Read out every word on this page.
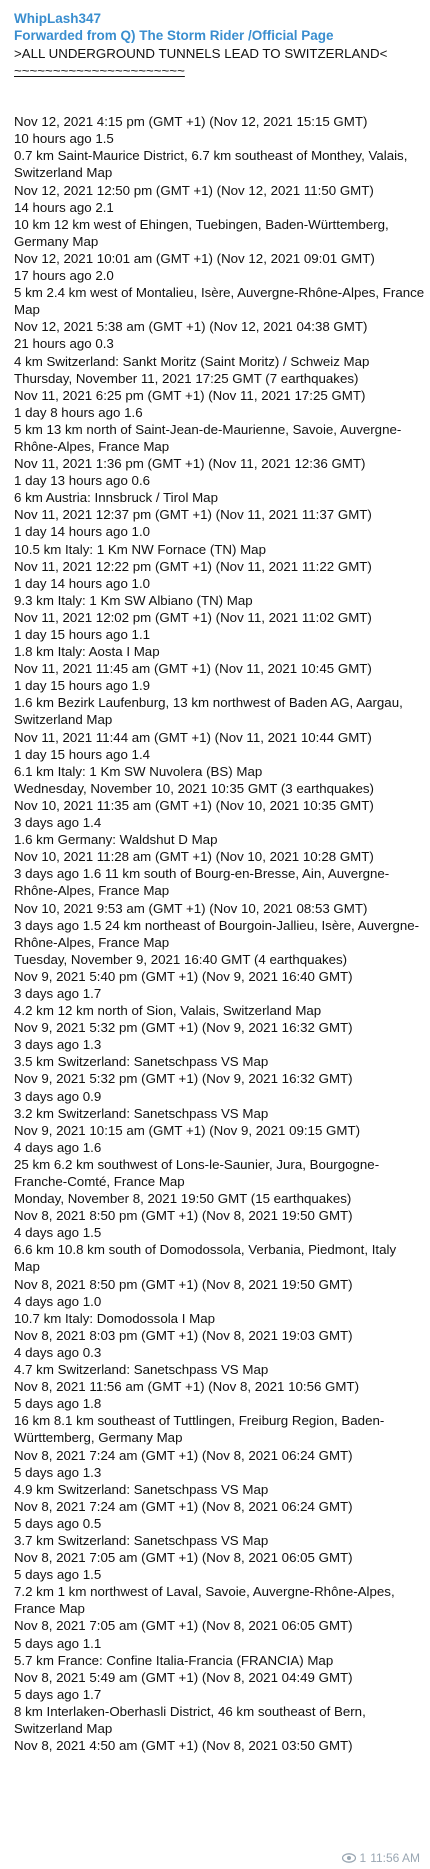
WhipLash347
Forwarded from Q) The Storm Rider /Official Page
>ALL UNDERGROUND TUNNELS LEAD TO SWITZERLAND<
~~~~~~~~~~~~~~~~~~~~~~
Nov 12, 2021 4:15 pm (GMT +1) (Nov 12, 2021 15:15 GMT)
10 hours ago 1.5
0.7 km Saint-Maurice District, 6.7 km southeast of Monthey, Valais,
Switzerland Map
Nov 12, 2021 12:50 pm (GMT +1) (Nov 12, 2021 11:50 GMT)
14 hours ago 2.1
10 km 12 km west of Ehingen, Tuebingen, Baden-Württemberg,
Germany Map
Nov 12, 2021 10:01 am (GMT +1) (Nov 12, 2021 09:01 GMT)
17 hours ago 2.0
5 km 2.4 km west of Montalieu, Isère, Auvergne-Rhône-Alpes, France
Map
Nov 12, 2021 5:38 am (GMT +1) (Nov 12, 2021 04:38 GMT)
21 hours ago 0.3
4 km Switzerland: Sankt Moritz (Saint Moritz) / Schweiz Map
Thursday, November 11, 2021 17:25 GMT (7 earthquakes)
Nov 11, 2021 6:25 pm (GMT +1) (Nov 11, 2021 17:25 GMT)
1 day 8 hours ago 1.6
5 km 13 km north of Saint-Jean-de-Maurienne, Savoie, Auvergne-
Rhône-Alpes, France Map
Nov 11, 2021 1:36 pm (GMT +1) (Nov 11, 2021 12:36 GMT)
1 day 13 hours ago 0.6
6 km Austria: Innsbruck / Tirol Map
Nov 11, 2021 12:37 pm (GMT +1) (Nov 11, 2021 11:37 GMT)
1 day 14 hours ago 1.0
10.5 km Italy: 1 Km NW Fornace (TN) Map
Nov 11, 2021 12:22 pm (GMT +1) (Nov 11, 2021 11:22 GMT)
1 day 14 hours ago 1.0
9.3 km Italy: 1 Km SW Albiano (TN) Map
Nov 11, 2021 12:02 pm (GMT +1) (Nov 11, 2021 11:02 GMT)
1 day 15 hours ago 1.1
1.8 km Italy: Aosta I Map
Nov 11, 2021 11:45 am (GMT +1) (Nov 11, 2021 10:45 GMT)
1 day 15 hours ago 1.9
1.6 km Bezirk Laufenburg, 13 km northwest of Baden AG, Aargau,
Switzerland Map
Nov 11, 2021 11:44 am (GMT +1) (Nov 11, 2021 10:44 GMT)
1 day 15 hours ago 1.4
6.1 km Italy: 1 Km SW Nuvolera (BS) Map
Wednesday, November 10, 2021 10:35 GMT (3 earthquakes)
Nov 10, 2021 11:35 am (GMT +1) (Nov 10, 2021 10:35 GMT)
3 days ago 1.4
1.6 km Germany: Waldshut D Map
Nov 10, 2021 11:28 am (GMT +1) (Nov 10, 2021 10:28 GMT)
3 days ago 1.6 11 km south of Bourg-en-Bresse, Ain, Auvergne-
Rhône-Alpes, France Map
Nov 10, 2021 9:53 am (GMT +1) (Nov 10, 2021 08:53 GMT)
3 days ago 1.5 24 km northeast of Bourgoin-Jallieu, Isère, Auvergne-
Rhône-Alpes, France Map
Tuesday, November 9, 2021 16:40 GMT (4 earthquakes)
Nov 9, 2021 5:40 pm (GMT +1) (Nov 9, 2021 16:40 GMT)
3 days ago 1.7
4.2 km 12 km north of Sion, Valais, Switzerland Map
Nov 9, 2021 5:32 pm (GMT +1) (Nov 9, 2021 16:32 GMT)
3 days ago 1.3
3.5 km Switzerland: Sanetschpass VS Map
Nov 9, 2021 5:32 pm (GMT +1) (Nov 9, 2021 16:32 GMT)
3 days ago 0.9
3.2 km Switzerland: Sanetschpass VS Map
Nov 9, 2021 10:15 am (GMT +1) (Nov 9, 2021 09:15 GMT)
4 days ago 1.6
25 km 6.2 km southwest of Lons-le-Saunier, Jura, Bourgogne-
Franche-Comté, France Map
Monday, November 8, 2021 19:50 GMT (15 earthquakes)
Nov 8, 2021 8:50 pm (GMT +1) (Nov 8, 2021 19:50 GMT)
4 days ago 1.5
6.6 km 10.8 km south of Domodossola, Verbania, Piedmont, Italy
Map
Nov 8, 2021 8:50 pm (GMT +1) (Nov 8, 2021 19:50 GMT)
4 days ago 1.0
10.7 km Italy: Domodossola I Map
Nov 8, 2021 8:03 pm (GMT +1) (Nov 8, 2021 19:03 GMT)
4 days ago 0.3
4.7 km Switzerland: Sanetschpass VS Map
Nov 8, 2021 11:56 am (GMT +1) (Nov 8, 2021 10:56 GMT)
5 days ago 1.8
16 km 8.1 km southeast of Tuttlingen, Freiburg Region, Baden-
Württemberg, Germany Map
Nov 8, 2021 7:24 am (GMT +1) (Nov 8, 2021 06:24 GMT)
5 days ago 1.3
4.9 km Switzerland: Sanetschpass VS Map
Nov 8, 2021 7:24 am (GMT +1) (Nov 8, 2021 06:24 GMT)
5 days ago 0.5
3.7 km Switzerland: Sanetschpass VS Map
Nov 8, 2021 7:05 am (GMT +1) (Nov 8, 2021 06:05 GMT)
5 days ago 1.5
7.2 km 1 km northwest of Laval, Savoie, Auvergne-Rhône-Alpes,
France Map
Nov 8, 2021 7:05 am (GMT +1) (Nov 8, 2021 06:05 GMT)
5 days ago 1.1
5.7 km France: Confine Italia-Francia (FRANCIA) Map
Nov 8, 2021 5:49 am (GMT +1) (Nov 8, 2021 04:49 GMT)
5 days ago 1.7
8 km Interlaken-Oberhasli District, 46 km southeast of Bern,
Switzerland Map
Nov 8, 2021 4:50 am (GMT +1) (Nov 8, 2021 03:50 GMT)
1 11:56 AM
